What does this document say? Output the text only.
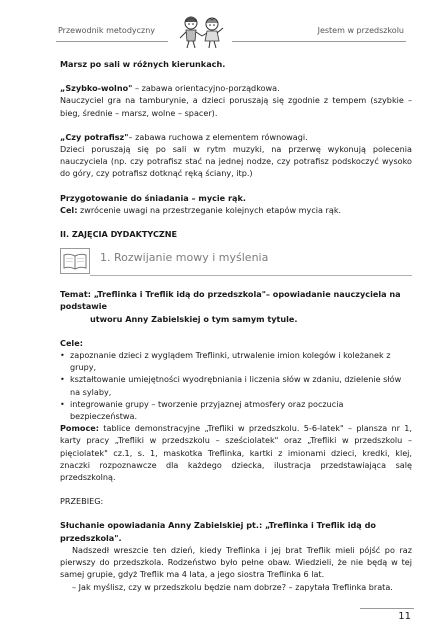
Przewodnik metodyczny	Jestem w przedszkolu

Marsz po sali w różnych kierunkach.

„Szybko-wolno" – zabawa orientacyjno-porządkowa.

Nauczyciel gra na tamburynie, a dzieci poruszają się zgodnie z tempem (szybkie – bieg, średnie – marsz, wolne – spacer).

„Czy potrafisz"– zabawa ruchowa z elementem równowagi.

Dzieci poruszają się po sali w rytm muzyki, na przerwę wykonują polecenia nauczyciela (np. czy potrafisz stać na jednej nodze, czy potrafisz podskoczyć wysoko do góry, czy potrafisz dotknąć ręką ściany, itp.)

Przygotowanie do śniadania – mycie rąk.

Cel: zwrócenie uwagi na przestrzeganie kolejnych etapów mycia rąk.

II. ZAJĘCIA DYDAKTYCZNE

1. Rozwijanie mowy i myślenia

Temat: „Treflinka i Treflik idą do przedszkola"– opowiadanie nauczyciela na podstawie

utworu Anny Zabielskiej o tym samym tytule.

Cele:

• zapoznanie dzieci z wyglądem Treflinki, utrwalenie imion kolegów i koleżanek z grupy,

• kształtowanie umiejętności wyodrębniania i liczenia słów w zdaniu, dzielenie słów

na sylaby,

• integrowanie grupy – tworzenie przyjaznej atmosfery oraz poczucia bezpieczeństwa.

Pomoce: tablice demonstracyjne „Trefliki w przedszkolu. 5-6-latek" – plansza nr 1, karty pracy „Trefliki w przedszkolu – sześciolatek" oraz „Trefliki w przedszkolu – pięciolatek" cz.1, s. 1, maskotka Treflinka, kartki z imionami dzieci, kredki, klej, znaczki rozpoznawcze dla każdego dziecka, ilustracja przedstawiająca salę przedszkolną.

PRZEBIEG:

Słuchanie opowiadania Anny Zabielskiej pt.: „Treflinka i Treflik idą do przedszkola".

Nadszedł wreszcie ten dzień, kiedy Treflinka i jej brat Treflik mieli pójść po raz pierwszy do przedszkola. Rodzeństwo było pełne obaw. Wiedzieli, że nie będą w tej samej grupie, gdyż Treflik ma 4 lata, a jego siostra Treflinka 6 lat.

– Jak myślisz, czy w przedszkolu będzie nam dobrze? – zapytała Treflinka brata.

11
